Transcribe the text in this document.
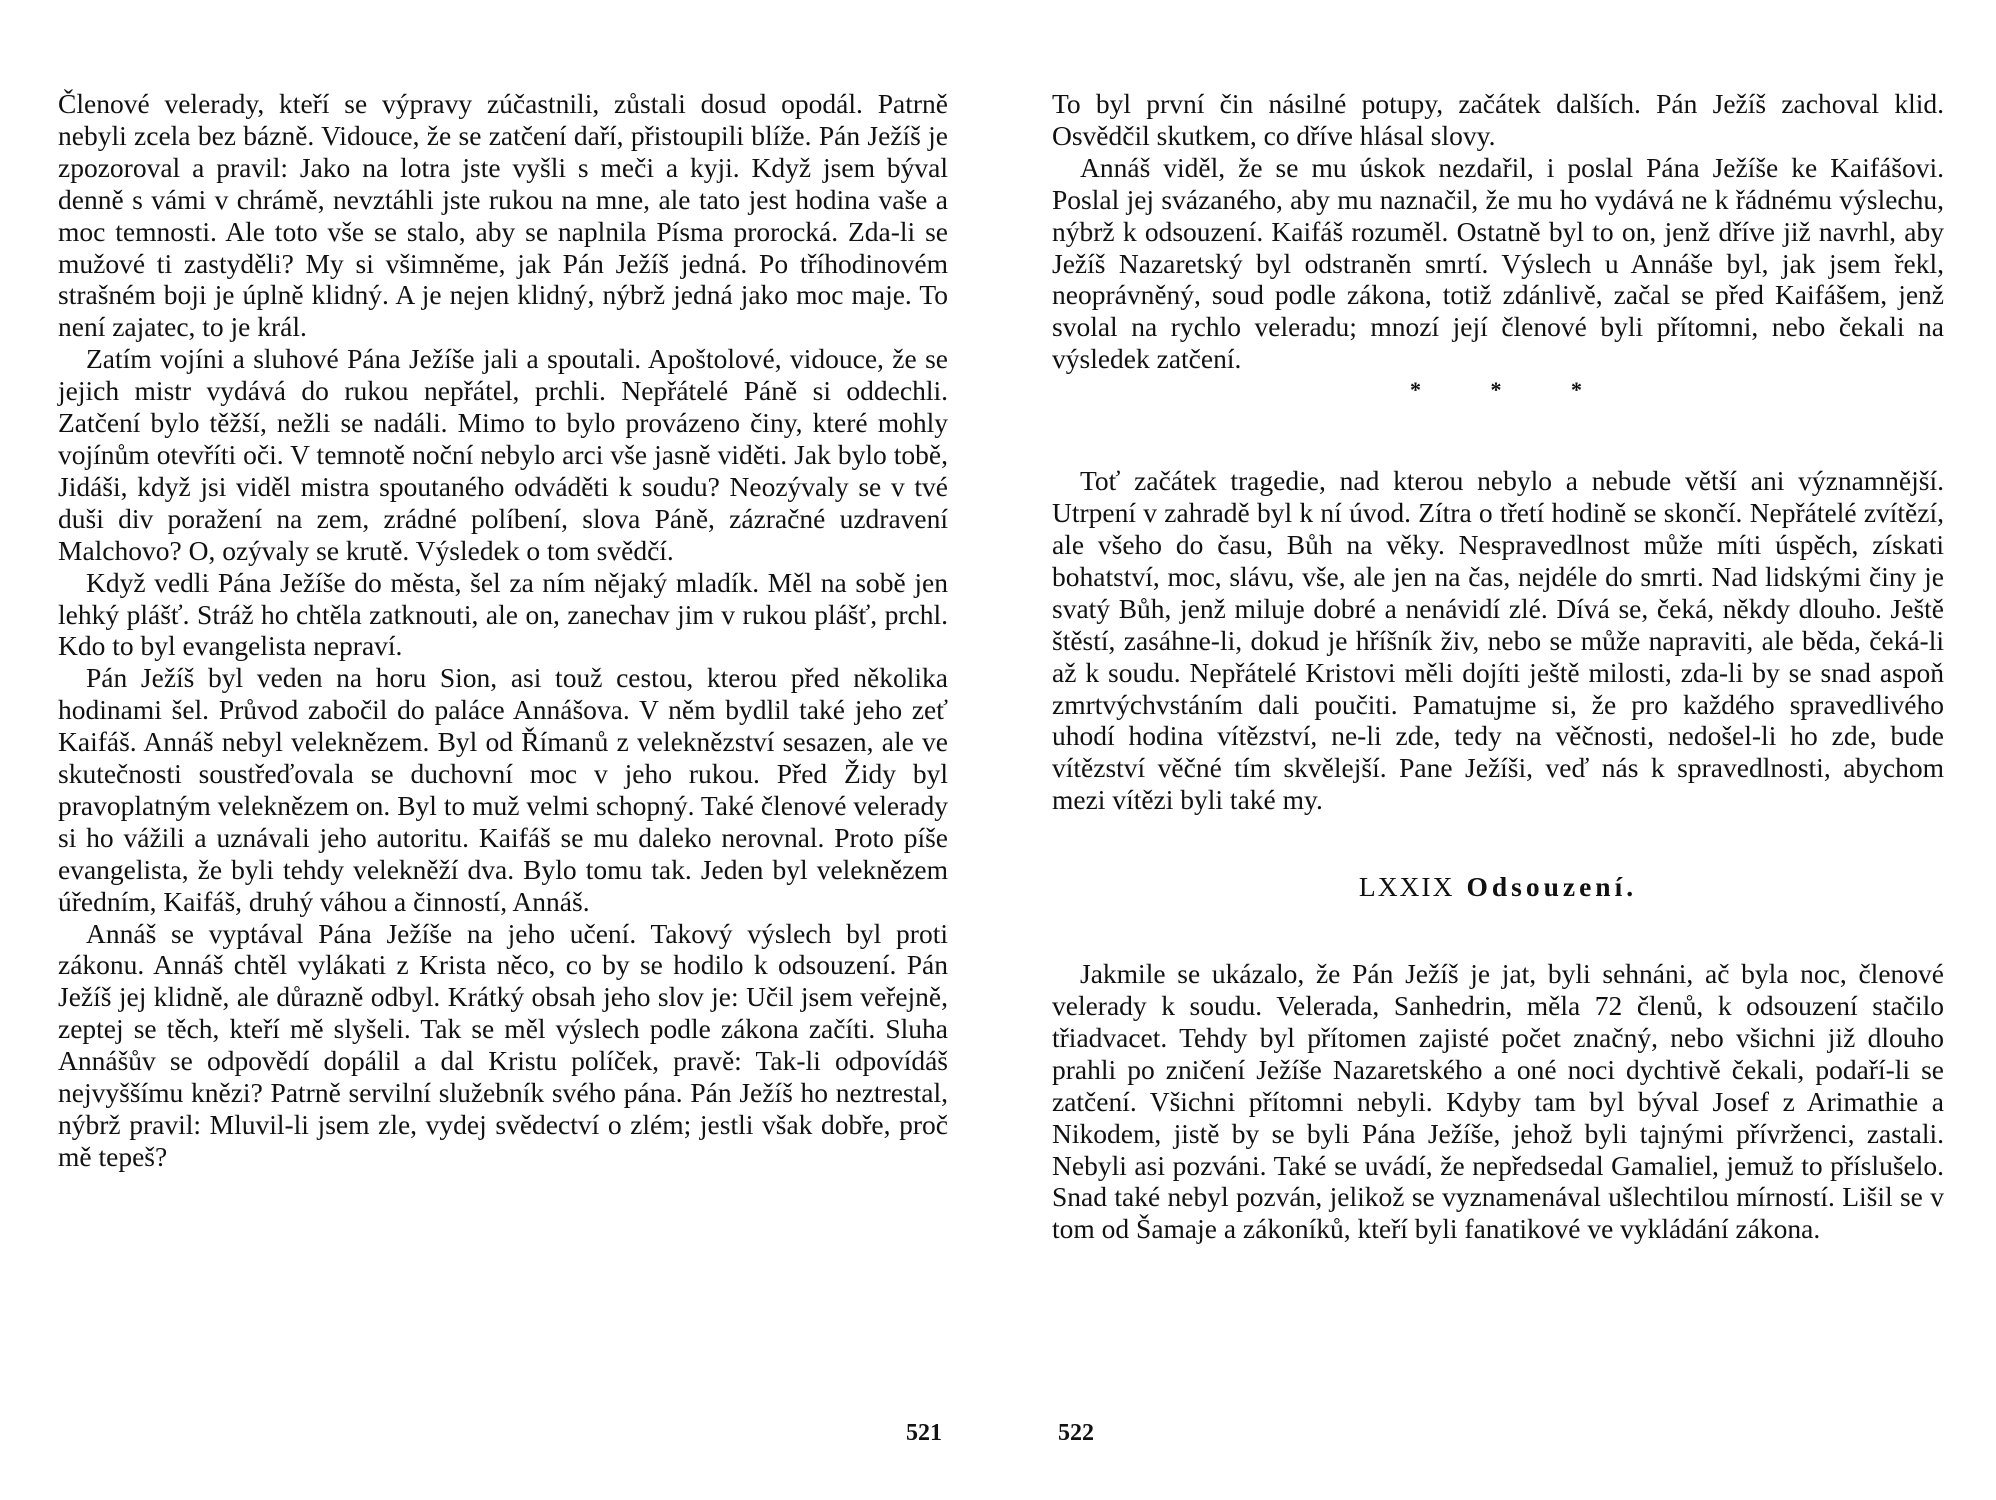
Členové velerady, kteří se výpravy zúčastnili, zůstali dosud opodál. Patrně nebyli zcela bez bázně. Vidouce, že se zatčení daří, přistoupili blíže. Pán Ježíš je zpozoroval a pravil: Jako na lotra jste vyšli s meči a kyji. Když jsem býval denně s vámi v chrámě, nevztáhli jste rukou na mne, ale tato jest hodina vaše a moc temnosti. Ale toto vše se stalo, aby se naplnila Písma prorocká. Zda-li se mužové ti zastyděli? My si všimněme, jak Pán Ježíš jedná. Po tříhodinovém strašném boji je úplně klidný. A je nejen klidný, nýbrž jedná jako moc maje. To není zajatec, to je král.

Zatím vojíni a sluhové Pána Ježíše jali a spoutali. Apoštolové, vidouce, že se jejich mistr vydává do rukou nepřátel, prchli. Nepřátelé Páně si oddechli. Zatčení bylo těžší, nežli se nadáli. Mimo to bylo provázeno činy, které mohly vojínům otevříti oči. V temnotě noční nebylo arci vše jasně viděti. Jak bylo tobě, Jidáši, když jsi viděl mistra spoutaného odváděti k soudu? Neozývaly se v tvé duši div poražení na zem, zrádné políbení, slova Páně, zázračné uzdravení Malchovo? O, ozývaly se krutě. Výsledek o tom svědčí.

Když vedli Pána Ježíše do města, šel za ním nějaký mladík. Měl na sobě jen lehký plášť. Stráž ho chtěla zatknouti, ale on, zanechav jim v rukou plášť, prchl. Kdo to byl evangelista nepraví.

Pán Ježíš byl veden na horu Sion, asi touž cestou, kterou před několika hodinami šel. Průvod zabočil do paláce Annášova. V něm bydlil také jeho zeť Kaifáš. Annáš nebyl veleknězem. Byl od Římanů z veleknězství sesazen, ale ve skutečnosti soustřeďovala se duchovní moc v jeho rukou. Před Židy byl pravoplatným veleknězem on. Byl to muž velmi schopný. Také členové velerady si ho vážili a uznávali jeho autoritu. Kaifáš se mu daleko nerovnal. Proto píše evangelista, že byli tehdy velekněží dva. Bylo tomu tak. Jeden byl veleknězem úředním, Kaifáš, druhý váhou a činností, Annáš.

Annáš se vyptával Pána Ježíše na jeho učení. Takový výslech byl proti zákonu. Annáš chtěl vylákati z Krista něco, co by se hodilo k odsouzení. Pán Ježíš jej klidně, ale důrazně odbyl. Krátký obsah jeho slov je: Učil jsem veřejně, zeptej se těch, kteří mě slyšeli. Tak se měl výslech podle zákona začíti. Sluha Annášův se odpovědí dopálil a dal Kristu políček, pravě: Tak-li odpovídáš nejvyššímu knězi? Patrně servilní služebník svého pána. Pán Ježíš ho neztrestal, nýbrž pravil: Mluvil-li jsem zle, vydej svědectví o zlém; jestli však dobře, proč mě tepeš?

521

To byl první čin násilné potupy, začátek dalších. Pán Ježíš zachoval klid. Osvědčil skutkem, co dříve hlásal slovy.

Annáš viděl, že se mu úskok nezdařil, i poslal Pána Ježíše ke Kaifášovi. Poslal jej svázaného, aby mu naznačil, že mu ho vydává ne k řádnému výslechu, nýbrž k odsouzení. Kaifáš rozuměl. Ostatně byl to on, jenž dříve již navrhl, aby Ježíš Nazaretský byl odstraněn smrtí. Výslech u Annáše byl, jak jsem řekl, neoprávněný, soud podle zákona, totiž zdánlivě, začal se před Kaifášem, jenž svolal na rychlo veleradu; mnozí její členové byli přítomni, nebo čekali na výsledek zatčení.

* * *

Toť začátek tragedie, nad kterou nebylo a nebude větší ani významnější. Utrpení v zahradě byl k ní úvod. Zítra o třetí hodině se skončí. Nepřátelé zvítězí, ale všeho do času, Bůh na věky. Nespravedlnost může míti úspěch, získati bohatství, moc, slávu, vše, ale jen na čas, nejdéle do smrti. Nad lidskými činy je svatý Bůh, jenž miluje dobré a nenávidí zlé. Dívá se, čeká, někdy dlouho. Ještě štěstí, zasáhne-li, dokud je hříšník živ, nebo se může napraviti, ale běda, čeká-li až k soudu. Nepřátelé Kristovi měli dojíti ještě milosti, zda-li by se snad aspoň zmrtvýchvstáním dali poučiti. Pamatujme si, že pro každého spravedlivého uhodí hodina vítězství, ne-li zde, tedy na věčnosti, nedošel-li ho zde, bude vítězství věčné tím skvělejší. Pane Ježíši, veď nás k spravedlnosti, abychom mezi vítězi byli také my.

LXXIX Odsouzení.

Jakmile se ukázalo, že Pán Ježíš je jat, byli sehnáni, ač byla noc, členové velerady k soudu. Velerada, Sanhedrin, měla 72 členů, k odsouzení stačilo třiadvacet. Tehdy byl přítomen zajisté počet značný, nebo všichni již dlouho prahli po zničení Ježíše Nazaretského a oné noci dychtivě čekali, podaří-li se zatčení. Všichni přítomni nebyli. Kdyby tam byl býval Josef z Arimathie a Nikodem, jistě by se byli Pána Ježíše, jehož byli tajnými přívrženci, zastali. Nebyli asi pozváni. Také se uvádí, že nepředsedal Gamaliel, jemuž to příslušelo. Snad také nebyl pozván, jelikož se vyznamenával ušlechtilou mírností. Lišil se v tom od Šamaje a zákoníků, kteří byli fanatikové ve vykládání zákona.

522
